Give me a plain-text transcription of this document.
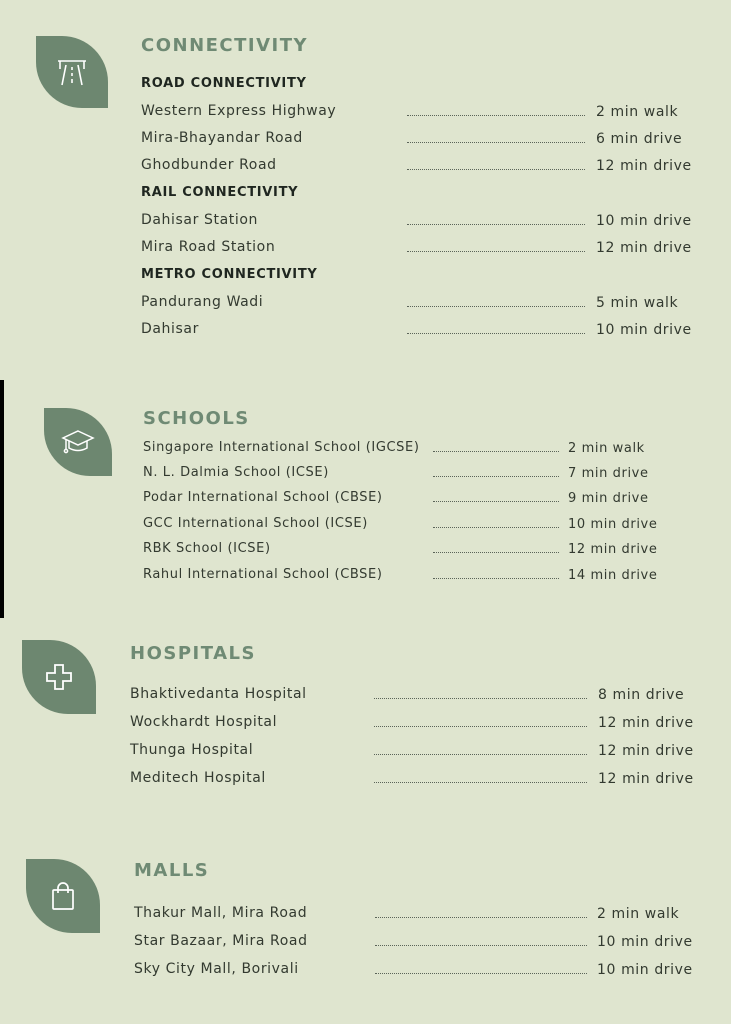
CONNECTIVITY
ROAD CONNECTIVITY
Western Express Highway	2 min walk
Mira-Bhayandar Road	6 min drive
Ghodbunder Road	12 min drive
RAIL CONNECTIVITY
Dahisar Station	10 min drive
Mira Road Station	12 min drive
METRO CONNECTIVITY
Pandurang Wadi	5 min walk
Dahisar	10 min drive
SCHOOLS
Singapore International School (IGCSE)	2 min walk
N. L. Dalmia School (ICSE)	7 min drive
Podar International School (CBSE)	9 min drive
GCC International School (ICSE)	10 min drive
RBK School (ICSE)	12 min drive
Rahul International School (CBSE)	14 min drive
HOSPITALS
Bhaktivedanta Hospital	8 min drive
Wockhardt Hospital	12 min drive
Thunga Hospital	12 min drive
Meditech Hospital	12 min drive
MALLS
Thakur Mall, Mira Road	2 min walk
Star Bazaar, Mira Road	10 min drive
Sky City Mall, Borivali	10 min drive
